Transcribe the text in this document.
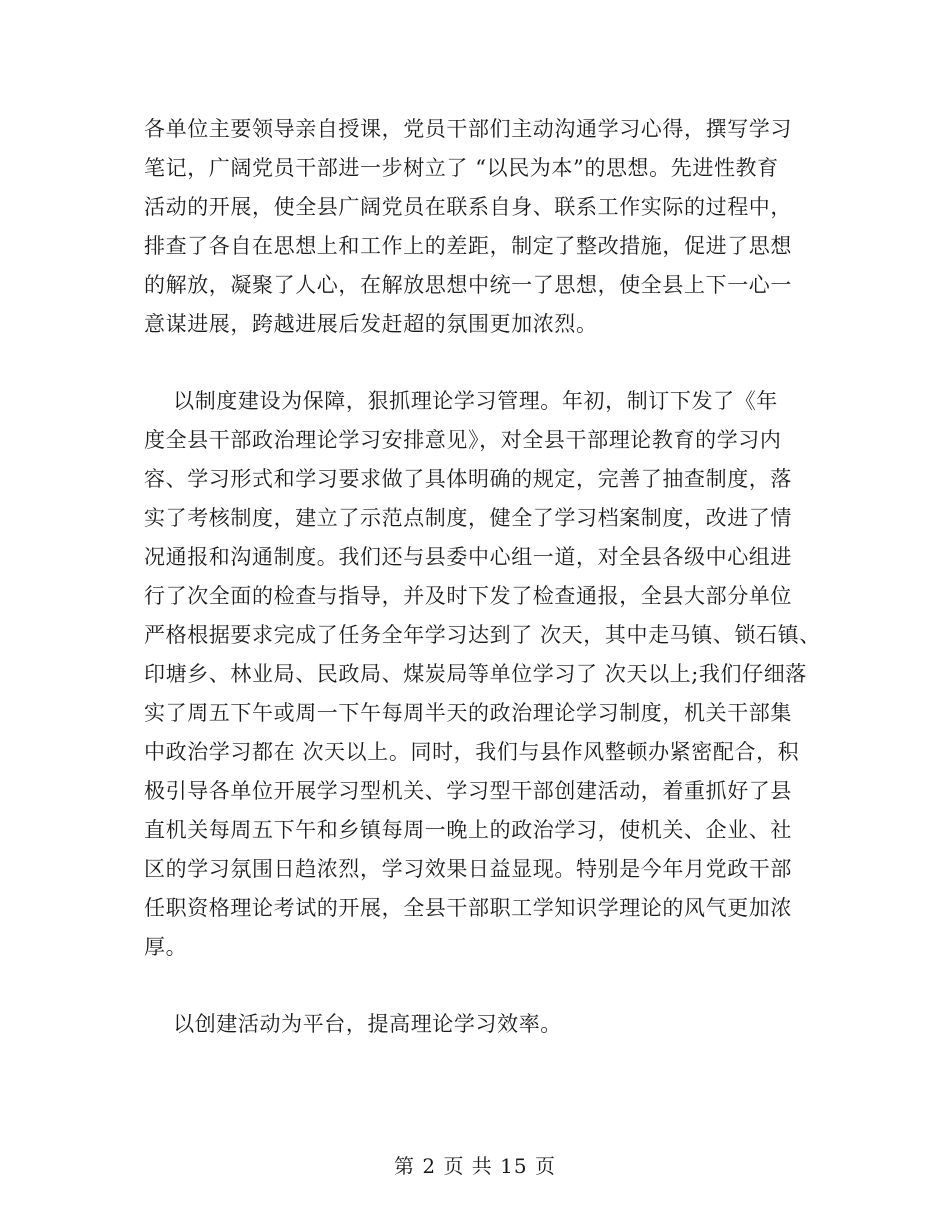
各单位主要领导亲自授课，党员干部们主动沟通学习心得，撰写学习
笔记，广阔党员干部进一步树立了 “以民为本”的思想。先进性教育
活动的开展，使全县广阔党员在联系自身、联系工作实际的过程中，
排查了各自在思想上和工作上的差距，制定了整改措施，促进了思想
的解放，凝聚了人心，在解放思想中统一了思想，使全县上下一心一
意谋进展，跨越进展后发赶超的氛围更加浓烈。
以制度建设为保障，狠抓理论学习管理。年初，制订下发了《年
度全县干部政治理论学习安排意见》，对全县干部理论教育的学习内
容、学习形式和学习要求做了具体明确的规定，完善了抽查制度，落
实了考核制度，建立了示范点制度，健全了学习档案制度，改进了情
况通报和沟通制度。我们还与县委中心组一道，对全县各级中心组进
行了次全面的检查与指导，并及时下发了检查通报，全县大部分单位
严格根据要求完成了任务全年学习达到了 次天，其中走马镇、锁石镇、
印塘乡、林业局、民政局、煤炭局等单位学习了 次天以上;我们仔细落
实了周五下午或周一下午每周半天的政治理论学习制度，机关干部集
中政治学习都在 次天以上。同时，我们与县作风整顿办紧密配合，积
极引导各单位开展学习型机关、学习型干部创建活动，着重抓好了县
直机关每周五下午和乡镇每周一晚上的政治学习，使机关、企业、社
区的学习氛围日趋浓烈，学习效果日益显现。特别是今年月党政干部
任职资格理论考试的开展，全县干部职工学知识学理论的风气更加浓
厚。
以创建活动为平台，提高理论学习效率。
第 2 页 共 15 页
